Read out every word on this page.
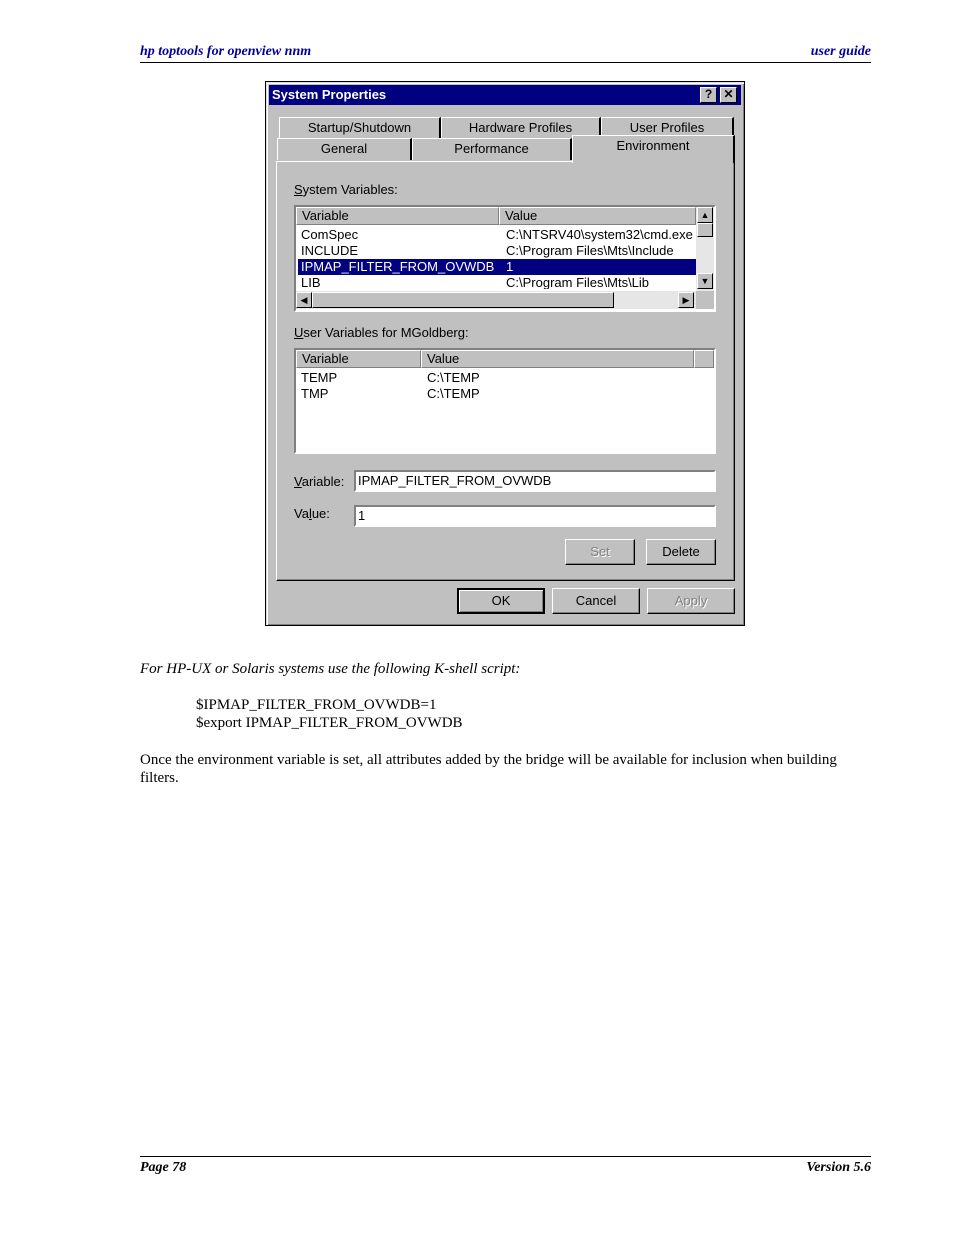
hp toptools for openview nnm	user guide
System Properties	? ✕
Startup/Shutdown	Hardware Profiles	User Profiles
General	Performance	Environment
System Variables:
Variable	Value
ComSpec	C:\NTSRV40\system32\cmd.exe
INCLUDE	C:\Program Files\Mts\Include
IPMAP_FILTER_FROM_OVWDB 1
LIB	C:\Program Files\Mts\Lib
▲
▼
◀	▶
User Variables for MGoldberg:
Variable	Value
TEMP	C:\TEMP
TMP	C:\TEMP
Variable:	IPMAP_FILTER_FROM_OVWDB
Value:	1
Set	Delete
OK	Cancel	Apply
For HP-UX or Solaris systems use the following K-shell script:
$IPMAP_FILTER_FROM_OVWDB=1
$export IPMAP_FILTER_FROM_OVWDB
Once the environment variable is set, all attributes added by the bridge will be available for inclusion when building filters.
Page 78	Version 5.6
